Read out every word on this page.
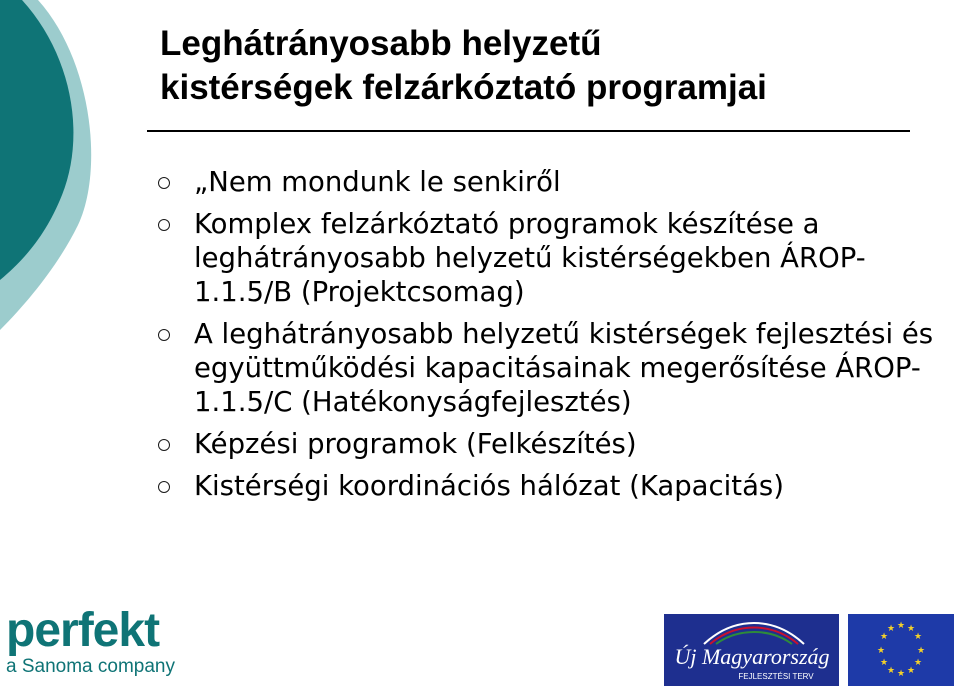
Leghátrányosabb helyzetű
kistérségek felzárkóztató programjai
„Nem mondunk le senkiről
Komplex felzárkóztató programok készítése a leghátrányosabb helyzetű kistérségekben ÁROP- 1.1.5/B (Projektcsomag)
A leghátrányosabb helyzetű kistérségek fejlesztési és együttműködési kapacitásainak megerősítése ÁROP- 1.1.5/C (Hatékonyságfejlesztés)
Képzési programok (Felkészítés)
Kistérségi koordinációs hálózat (Kapacitás)
perfekt
a Sanoma company	Új Magyarország
FEJLESZTÉSI TERV
★ ★
★
★
★
★
★
★
★
★
★
★
